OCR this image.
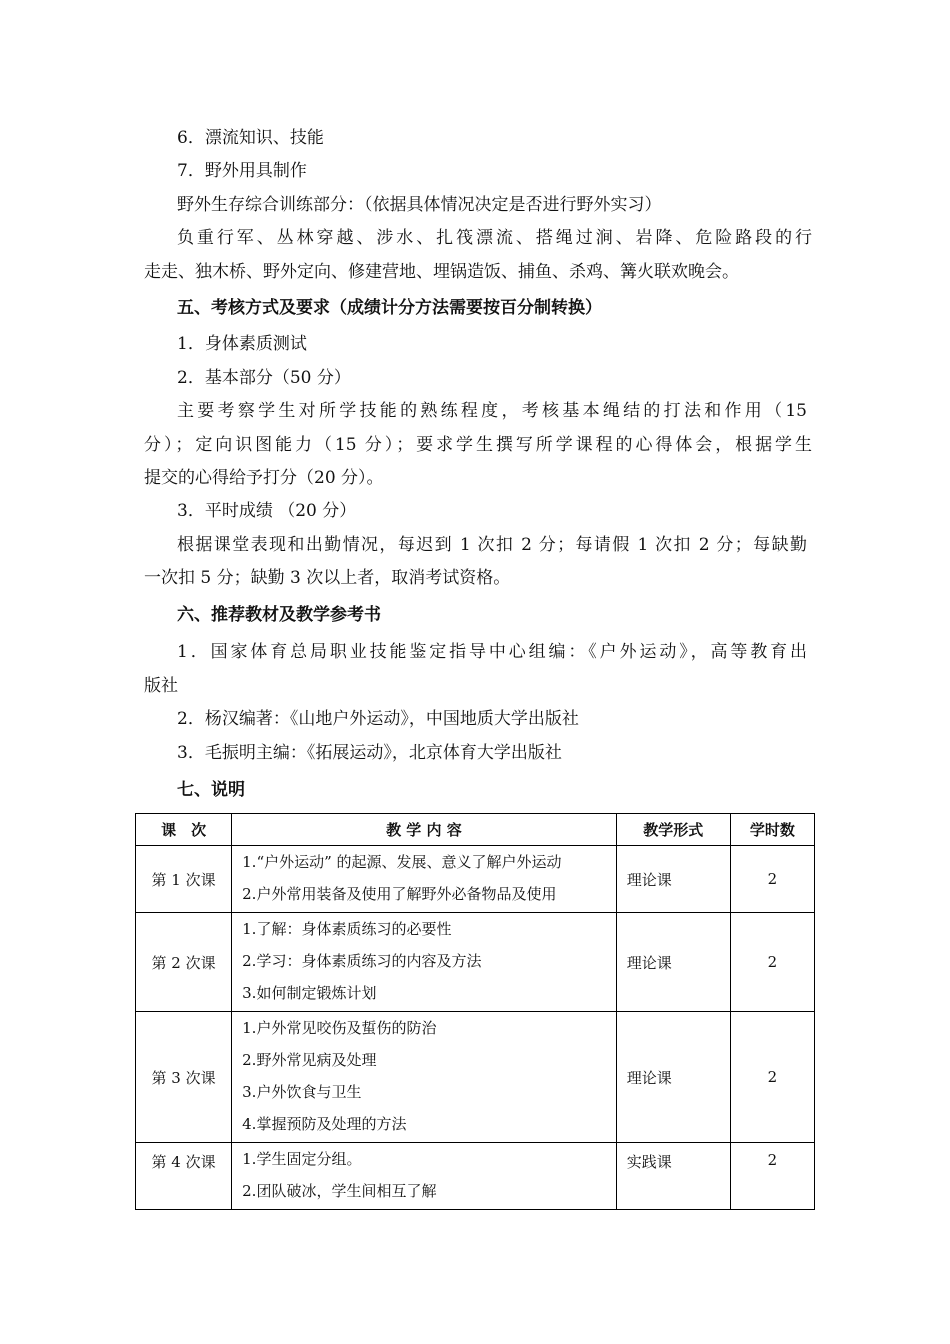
6．漂流知识、技能
7．野外用具制作
野外生存综合训练部分：（依据具体情况决定是否进行野外实习）
负重行军、丛林穿越、涉水、扎筏漂流、搭绳过涧、岩降、危险路段的行
走走、独木桥、野外定向、修建营地、埋锅造饭、捕鱼、杀鸡、篝火联欢晚会。
五、考核方式及要求（成绩计分方法需要按百分制转换）
1．身体素质测试
2．基本部分（50 分）
主要考察学生对所学技能的熟练程度，考核基本绳结的打法和作用（15
分）；定向识图能力（15 分）；要求学生撰写所学课程的心得体会，根据学生
提交的心得给予打分（20 分）。
3．平时成绩 （20 分）
根据课堂表现和出勤情况，每迟到 1 次扣 2 分；每请假 1 次扣 2 分；每缺勤
一次扣 5 分；缺勤 3 次以上者，取消考试资格。
六、推荐教材及教学参考书
1．国家体育总局职业技能鉴定指导中心组编：《户外运动》，高等教育出
版社
2．杨汉编著：《山地户外运动》，中国地质大学出版社
3．毛振明主编：《拓展运动》，北京体育大学出版社
七、说明
课　次	教 学 内 容	教学形式	学时数
第 1 次课	1.“户外运动” 的起源、发展、意义了解户外运动
2.户外常用装备及使用了解野外必备物品及使用	理论课	2
第 2 次课	1.了解：身体素质练习的必要性
2.学习：身体素质练习的内容及方法
3.如何制定锻炼计划	理论课	2
第 3 次课	1.户外常见咬伤及蜇伤的防治
2.野外常见病及处理
3.户外饮食与卫生
4.掌握预防及处理的方法	理论课	2
第 4 次课	1.学生固定分组。
2.团队破冰，学生间相互了解	实践课	2
